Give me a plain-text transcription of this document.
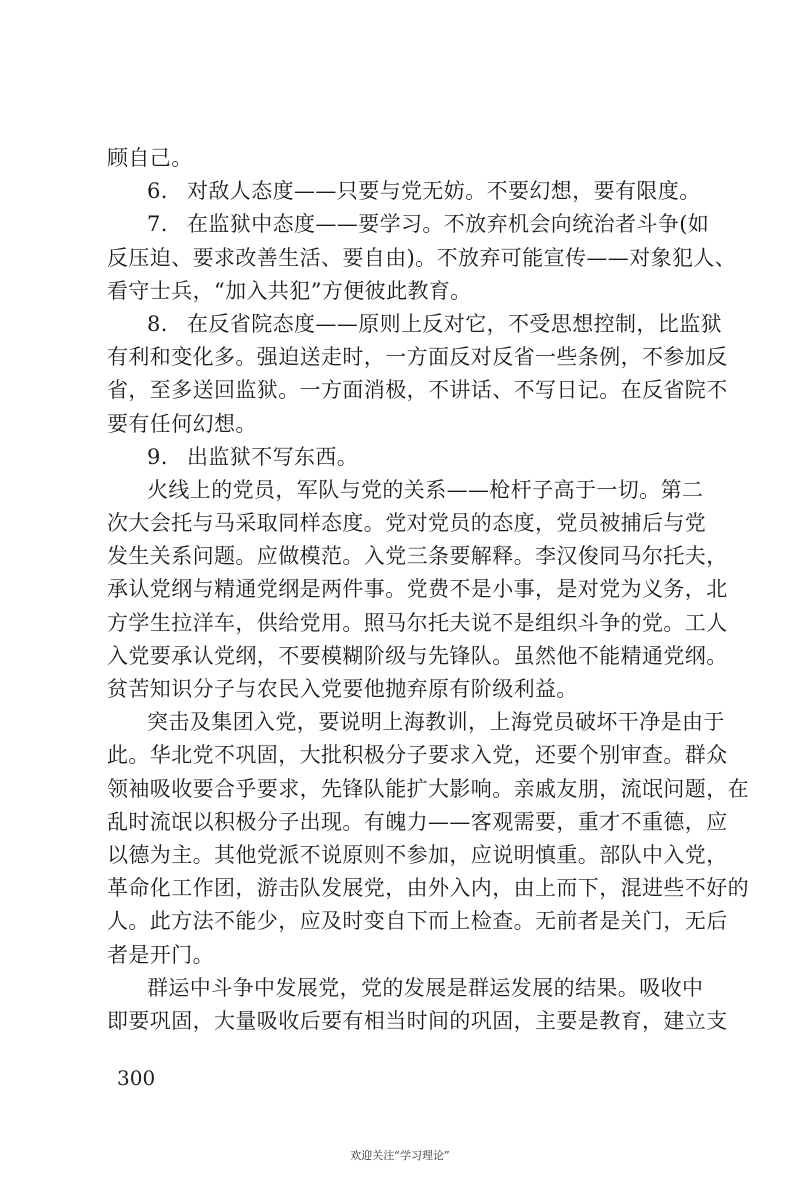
顾自己。
6. 对敌人态度——只要与党无妨。不要幻想，要有限度。
7. 在监狱中态度——要学习。不放弃机会向统治者斗争(如
反压迫、要求改善生活、要自由)。不放弃可能宣传——对象犯人、
看守士兵，“加入共犯”方便彼此教育。
8. 在反省院态度——原则上反对它，不受思想控制，比监狱
有利和变化多。强迫送走时，一方面反对反省一些条例，不参加反
省，至多送回监狱。一方面消极，不讲话、不写日记。在反省院不
要有任何幻想。
9. 出监狱不写东西。
火线上的党员，军队与党的关系——枪杆子高于一切。第二
次大会托与马采取同样态度。党对党员的态度，党员被捕后与党
发生关系问题。应做模范。入党三条要解释。李汉俊同马尔托夫，
承认党纲与精通党纲是两件事。党费不是小事，是对党为义务，北
方学生拉洋车，供给党用。照马尔托夫说不是组织斗争的党。工人
入党要承认党纲，不要模糊阶级与先锋队。虽然他不能精通党纲。
贫苦知识分子与农民入党要他抛弃原有阶级利益。
突击及集团入党，要说明上海教训，上海党员破坏干净是由于
此。华北党不巩固，大批积极分子要求入党，还要个别审查。群众
领袖吸收要合乎要求，先锋队能扩大影响。亲戚友朋，流氓问题，在
乱时流氓以积极分子出现。有魄力——客观需要，重才不重德，应
以德为主。其他党派不说原则不参加，应说明慎重。部队中入党，
革命化工作团，游击队发展党，由外入内，由上而下，混进些不好的
人。此方法不能少，应及时变自下而上检查。无前者是关门，无后
者是开门。
群运中斗争中发展党，党的发展是群运发展的结果。吸收中
即要巩固，大量吸收后要有相当时间的巩固，主要是教育，建立支
300
欢迎关注“学习理论”
